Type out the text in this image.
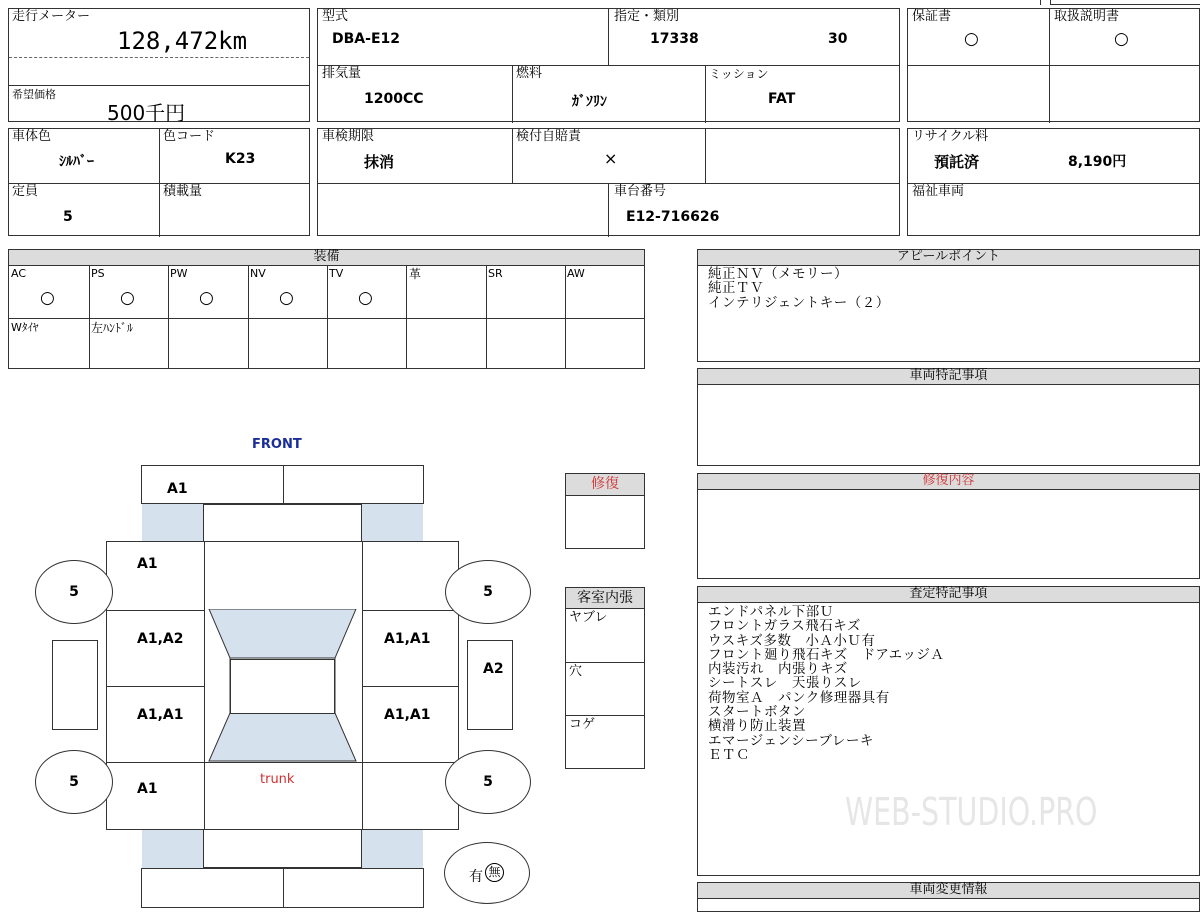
走行メーター
128,472km
希望価格
500千円
型式
DBA-E12
指定・類別
17338	30
排気量
1200CC
燃料
ｶﾞｿﾘﾝ
ミッション
FAT
保証書
○
取扱説明書
○
車体色
ｼﾙﾊﾞｰ
色コード
K23
定員
5
積載量
車検期限
抹消
検付自賠責
×
車台番号
E12-716626
リサイクル料
預託済	8,190円
福祉車両
装備
AC	PS	PW	NV	TV	革	SR	AW
○	○	○	○	○
Wﾀｲﾔ	左ﾊﾝﾄﾞﾙ
アピールポイント
純正ＮＶ（メモリー）
純正ＴＶ
インテリジェントキー（２）
車両特記事項
修復内容
査定特記事項
エンドパネル下部Ｕ
フロントガラス飛石キズ
ウスキズ多数　小Ａ小Ｕ有
フロント廻り飛石キズ　ドアエッジＡ
内装汚れ　内張りキズ
シートスレ　天張りスレ
荷物室Ａ　パンク修理器具有
スタートボタン
横滑り防止装置
エマージェンシーブレーキ
ＥＴＣ
車両変更情報
WEB-STUDIO.PRO
修復
客室内張
ヤブレ
穴
コゲ
FRONT
A1
A1
A1,A2
A1,A1
A1
A1,A1
A1,A1
trunk
A2
5	5
5	5
有 無
